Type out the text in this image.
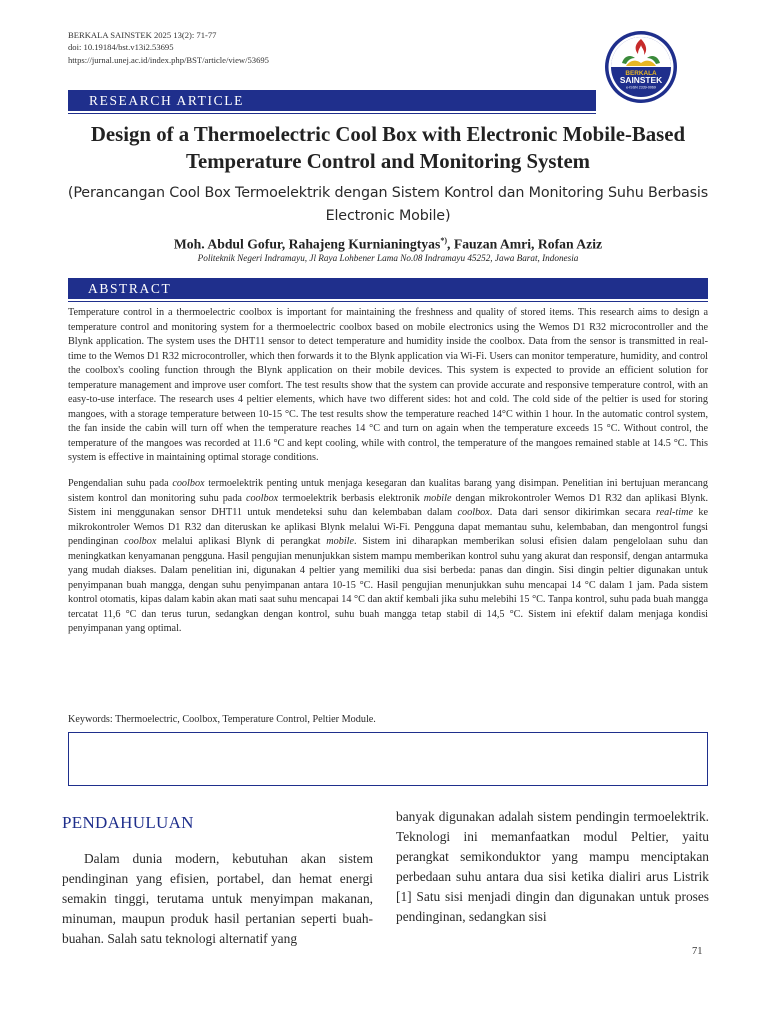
BERKALA SAINSTEK 2025 13(2): 71-77
doi: 10.19184/bst.v13i2.53695
https://jurnal.unej.ac.id/index.php/BST/article/view/53695
BERKALA
SAINSTEK
e-ISSN 2339-0069
RESEARCH ARTICLE
Design of a Thermoelectric Cool Box with Electronic Mobile-Based Temperature Control and Monitoring System
(Perancangan Cool Box Termoelektrik dengan Sistem Kontrol dan Monitoring Suhu Berbasis Electronic Mobile)
Moh. Abdul Gofur, Rahajeng Kurnianingtyas*), Fauzan Amri, Rofan Aziz
Politeknik Negeri Indramayu, Jl Raya Lohbener Lama No.08 Indramayu 45252, Jawa Barat, Indonesia
ABSTRACT

Temperature control in a thermoelectric coolbox is important for maintaining the freshness and quality of stored items. This research aims to design a temperature control and monitoring system for a thermoelectric coolbox based on mobile electronics using the Wemos D1 R32 microcontroller and the Blynk application. The system uses the DHT11 sensor to detect temperature and humidity inside the coolbox. Data from the sensor is transmitted in real-time to the Wemos D1 R32 microcontroller, which then forwards it to the Blynk application via Wi-Fi. Users can monitor temperature, humidity, and control the coolbox's cooling function through the Blynk application on their mobile devices. This system is expected to provide an efficient solution for temperature management and improve user comfort. The test results show that the system can provide accurate and responsive temperature control, with an easy-to-use interface. The research uses 4 peltier elements, which have two different sides: hot and cold. The cold side of the peltier is used for storing mangoes, with a storage temperature between 10-15 °C. The test results show the temperature reached 14°C within 1 hour. In the automatic control system, the fan inside the cabin will turn off when the temperature reaches 14 °C and turn on again when the temperature exceeds 15 °C. Without control, the temperature of the mangoes was recorded at 11.6 °C and kept cooling, while with control, the temperature of the mangoes remained stable at 14.5 °C. This system is effective in maintaining optimal storage conditions.

Pengendalian suhu pada coolbox termoelektrik penting untuk menjaga kesegaran dan kualitas barang yang disimpan. Penelitian ini bertujuan merancang sistem kontrol dan monitoring suhu pada coolbox termoelektrik berbasis elektronik mobile dengan mikrokontroler Wemos D1 R32 dan aplikasi Blynk. Sistem ini menggunakan sensor DHT11 untuk mendeteksi suhu dan kelembaban dalam coolbox. Data dari sensor dikirimkan secara real-time ke mikrokontroler Wemos D1 R32 dan diteruskan ke aplikasi Blynk melalui Wi-Fi. Pengguna dapat memantau suhu, kelembaban, dan mengontrol fungsi pendinginan coolbox melalui aplikasi Blynk di perangkat mobile. Sistem ini diharapkan memberikan solusi efisien dalam pengelolaan suhu dan meningkatkan kenyamanan pengguna. Hasil pengujian menunjukkan sistem mampu memberikan kontrol suhu yang akurat dan responsif, dengan antarmuka yang mudah diakses. Dalam penelitian ini, digunakan 4 peltier yang memiliki dua sisi berbeda: panas dan dingin. Sisi dingin peltier digunakan untuk penyimpanan buah mangga, dengan suhu penyimpanan antara 10-15 °C. Hasil pengujian menunjukkan suhu mencapai 14 °C dalam 1 jam. Pada sistem kontrol otomatis, kipas dalam kabin akan mati saat suhu mencapai 14 °C dan aktif kembali jika suhu melebihi 15 °C. Tanpa kontrol, suhu pada buah mangga tercatat 11,6 °C dan terus turun, sedangkan dengan kontrol, suhu buah mangga tetap stabil di 14,5 °C. Sistem ini efektif dalam menjaga kondisi penyimpanan yang optimal.

Keywords: Thermoelectric, Coolbox, Temperature Control, Peltier Module.
PENDAHULUAN
Dalam dunia modern, kebutuhan akan sistem pendinginan yang efisien, portabel, dan hemat energi semakin tinggi, terutama untuk menyimpan makanan, minuman, maupun produk hasil pertanian seperti buah-buahan. Salah satu teknologi alternatif yang
banyak digunakan adalah sistem pendingin termoelektrik. Teknologi ini memanfaatkan modul Peltier, yaitu perangkat semikonduktor yang mampu menciptakan perbedaan suhu antara dua sisi ketika dialiri arus Listrik [1] Satu sisi menjadi dingin dan digunakan untuk proses pendinginan, sedangkan sisi
71
